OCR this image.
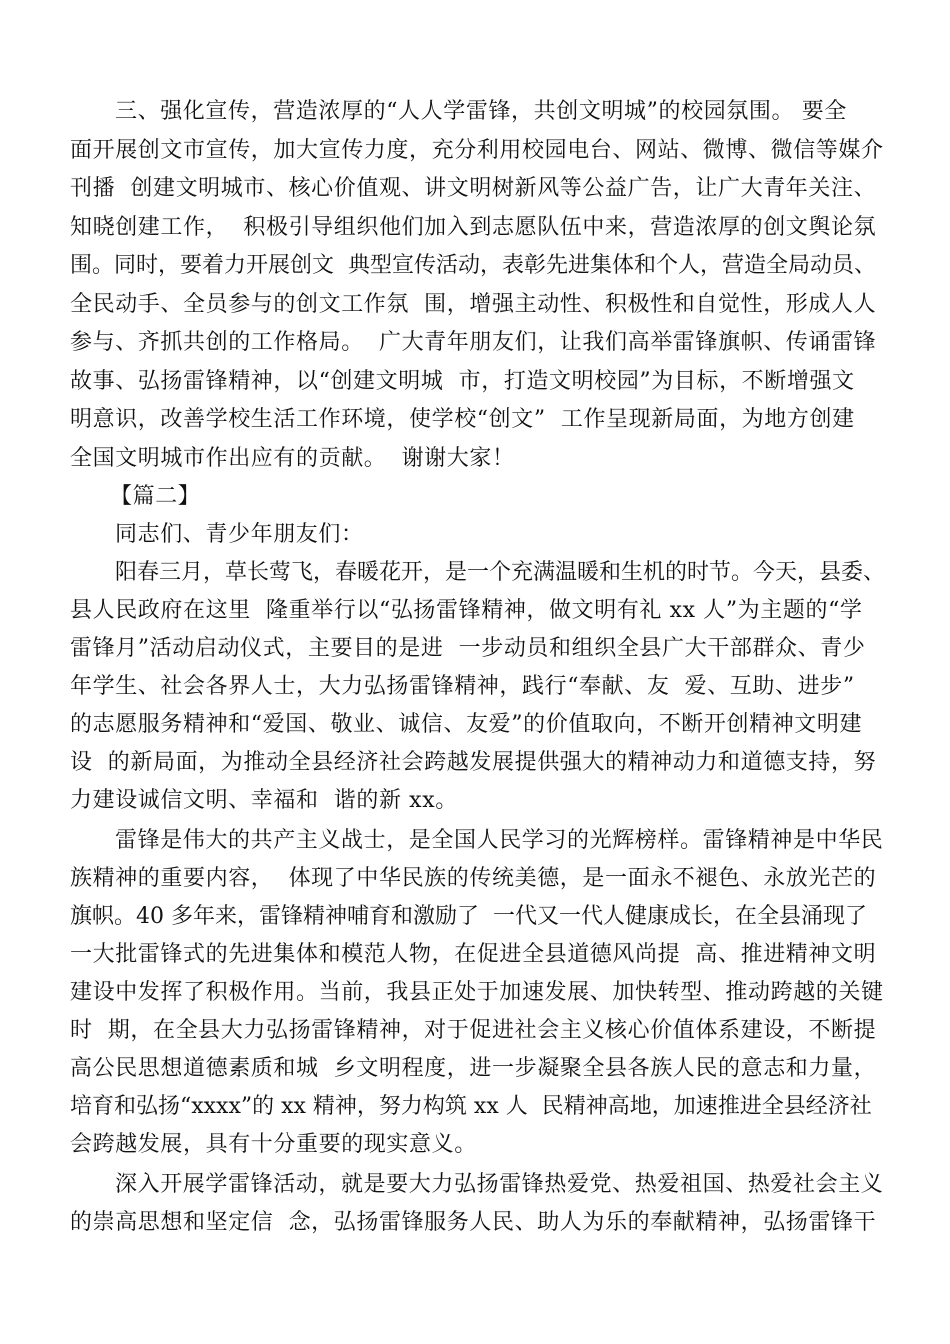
三、强化宣传，营造浓厚的“人人学雷锋，共创文明城”的校园氛围。 要全
面开展创文市宣传，加大宣传力度，充分利用校园电台、网站、微博、微信等媒介
刊播  创建文明城市、核心价值观、讲文明树新风等公益广告，让广大青年关注、
知晓创建工作，  积极引导组织他们加入到志愿队伍中来，营造浓厚的创文舆论氛
围。同时，要着力开展创文  典型宣传活动，表彰先进集体和个人，营造全局动员、
全民动手、全员参与的创文工作氛  围，增强主动性、积极性和自觉性，形成人人
参与、齐抓共创的工作格局。  广大青年朋友们，让我们高举雷锋旗帜、传诵雷锋
故事、弘扬雷锋精神，以“创建文明城  市，打造文明校园”为目标，不断增强文
明意识，改善学校生活工作环境，使学校“创文”  工作呈现新局面，为地方创建
全国文明城市作出应有的贡献。  谢谢大家！
【篇二】
同志们、青少年朋友们：
阳春三月，草长莺飞，春暖花开，是一个充满温暖和生机的时节。今天，县委、
县人民政府在这里  隆重举行以“弘扬雷锋精神，做文明有礼 xx 人”为主题的“学
雷锋月”活动启动仪式，主要目的是进  一步动员和组织全县广大干部群众、青少
年学生、社会各界人士，大力弘扬雷锋精神，践行“奉献、友  爱、互助、进步”
的志愿服务精神和“爱国、敬业、诚信、友爱”的价值取向，不断开创精神文明建
设  的新局面，为推动全县经济社会跨越发展提供强大的精神动力和道德支持，努
力建设诚信文明、幸福和  谐的新 xx。
雷锋是伟大的共产主义战士，是全国人民学习的光辉榜样。雷锋精神是中华民
族精神的重要内容，  体现了中华民族的传统美德，是一面永不褪色、永放光芒的
旗帜。40 多年来，雷锋精神哺育和激励了  一代又一代人健康成长，在全县涌现了
一大批雷锋式的先进集体和模范人物，在促进全县道德风尚提  高、推进精神文明
建设中发挥了积极作用。当前，我县正处于加速发展、加快转型、推动跨越的关键
时  期，在全县大力弘扬雷锋精神，对于促进社会主义核心价值体系建设，不断提
高公民思想道德素质和城  乡文明程度，进一步凝聚全县各族人民的意志和力量，
培育和弘扬“xxxx”的 xx 精神，努力构筑 xx 人  民精神高地，加速推进全县经济社
会跨越发展，具有十分重要的现实意义。
深入开展学雷锋活动，就是要大力弘扬雷锋热爱党、热爱祖国、热爱社会主义
的崇高思想和坚定信  念，弘扬雷锋服务人民、助人为乐的奉献精神，弘扬雷锋干
